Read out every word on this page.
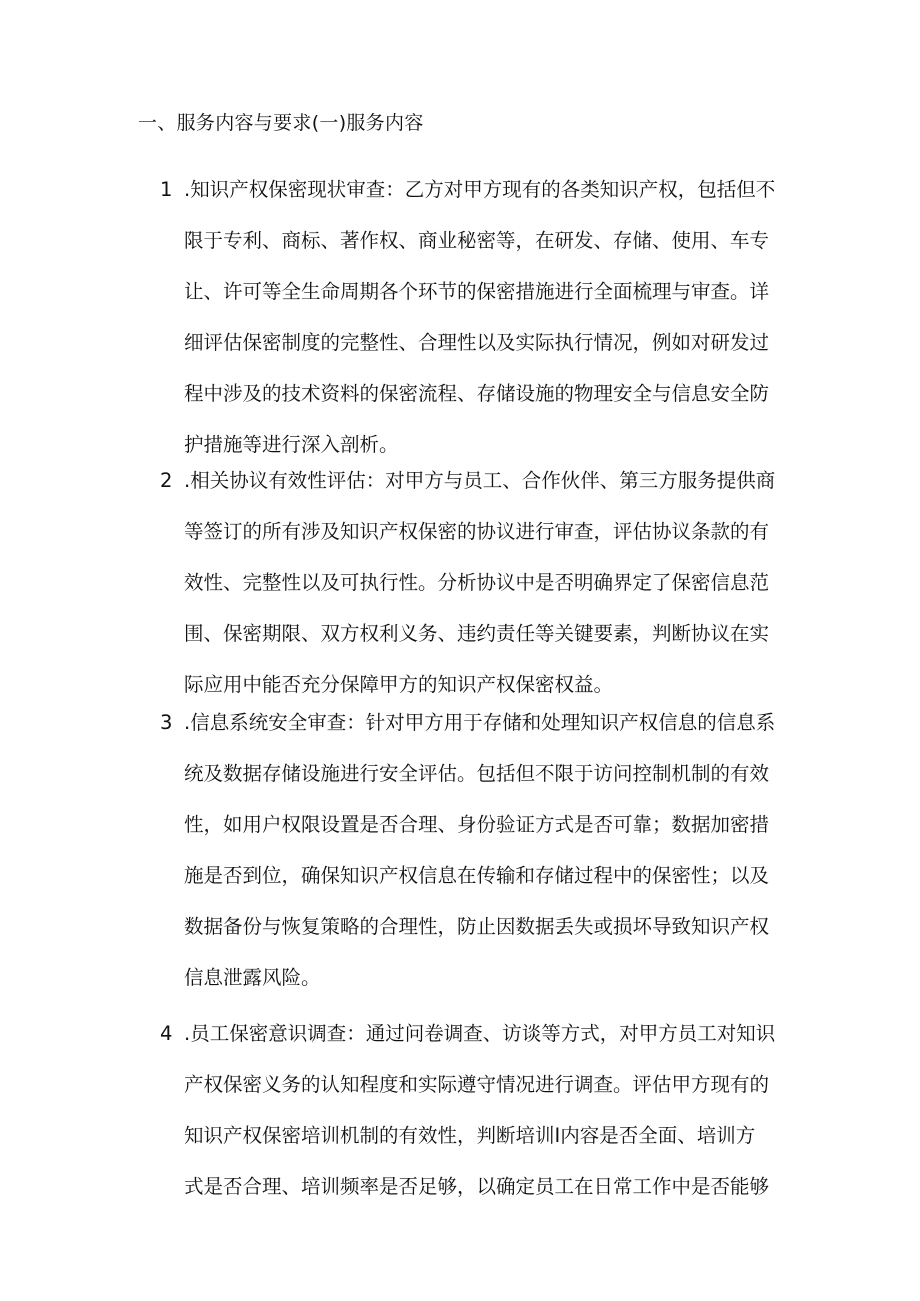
一、服务内容与要求(一)服务内容
1 .知识产权保密现状审查：乙方对甲方现有的各类知识产权，包括但不
限于专利、商标、著作权、商业秘密等，在研发、存储、使用、车专
让、许可等全生命周期各个环节的保密措施进行全面梳理与审查。详
细评估保密制度的完整性、合理性以及实际执行情况，例如对研发过
程中涉及的技术资料的保密流程、存储设施的物理安全与信息安全防
护措施等进行深入剖析。
2 .相关协议有效性评估：对甲方与员工、合作伙伴、第三方服务提供商
等签订的所有涉及知识产权保密的协议进行审查，评估协议条款的有
效性、完整性以及可执行性。分析协议中是否明确界定了保密信息范
围、保密期限、双方权利义务、违约责任等关键要素，判断协议在实
际应用中能否充分保障甲方的知识产权保密权益。
3 .信息系统安全审查：针对甲方用于存储和处理知识产权信息的信息系
统及数据存储设施进行安全评估。包括但不限于访问控制机制的有效
性，如用户权限设置是否合理、身份验证方式是否可靠；数据加密措
施是否到位，确保知识产权信息在传输和存储过程中的保密性；以及
数据备份与恢复策略的合理性，防止因数据丢失或损坏导致知识产权
信息泄露风险。
4 .员工保密意识调查：通过问卷调查、访谈等方式，对甲方员工对知识
产权保密义务的认知程度和实际遵守情况进行调查。评估甲方现有的
知识产权保密培训机制的有效性，判断培训I内容是否全面、培训方
式是否合理、培训频率是否足够，以确定员工在日常工作中是否能够
